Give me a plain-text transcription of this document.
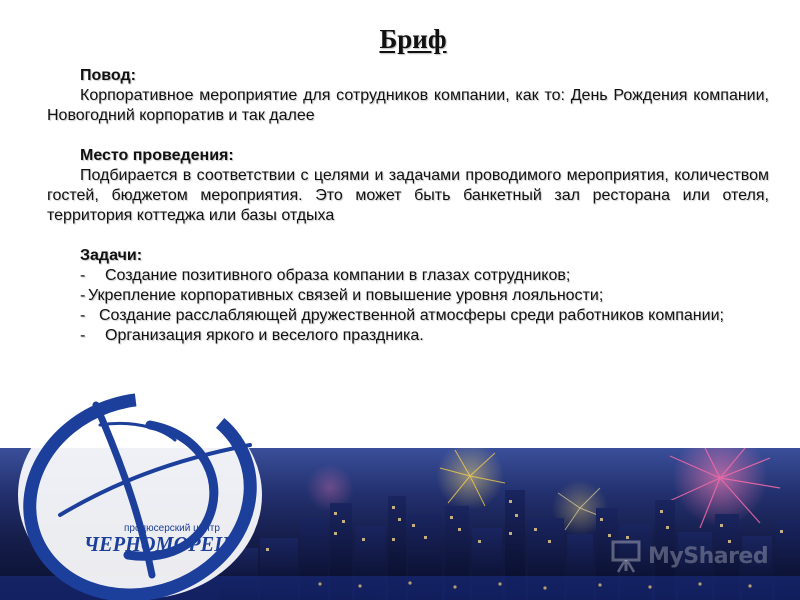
продюсерский центр
ЧЕРНОМОРЕЦ
Бриф

Повод:

Корпоративное мероприятие для сотрудников компании, как то: День Рождения компании, Новогодний корпоратив и так далее

Место проведения:

Подбирается в соответствии с целями и задачами проводимого мероприятия, количеством гостей, бюджетом мероприятия. Это может быть банкетный зал ресторана или отеля, территория коттеджа или базы отдыха

Задачи:

- Создание позитивного образа компании в глазах сотрудников;

- Укрепление корпоративных связей и повышение уровня лояльности;

- Создание расслабляющей дружественной атмосферы среди работников компании;

- Организация яркого и веселого праздника.

MyShared
